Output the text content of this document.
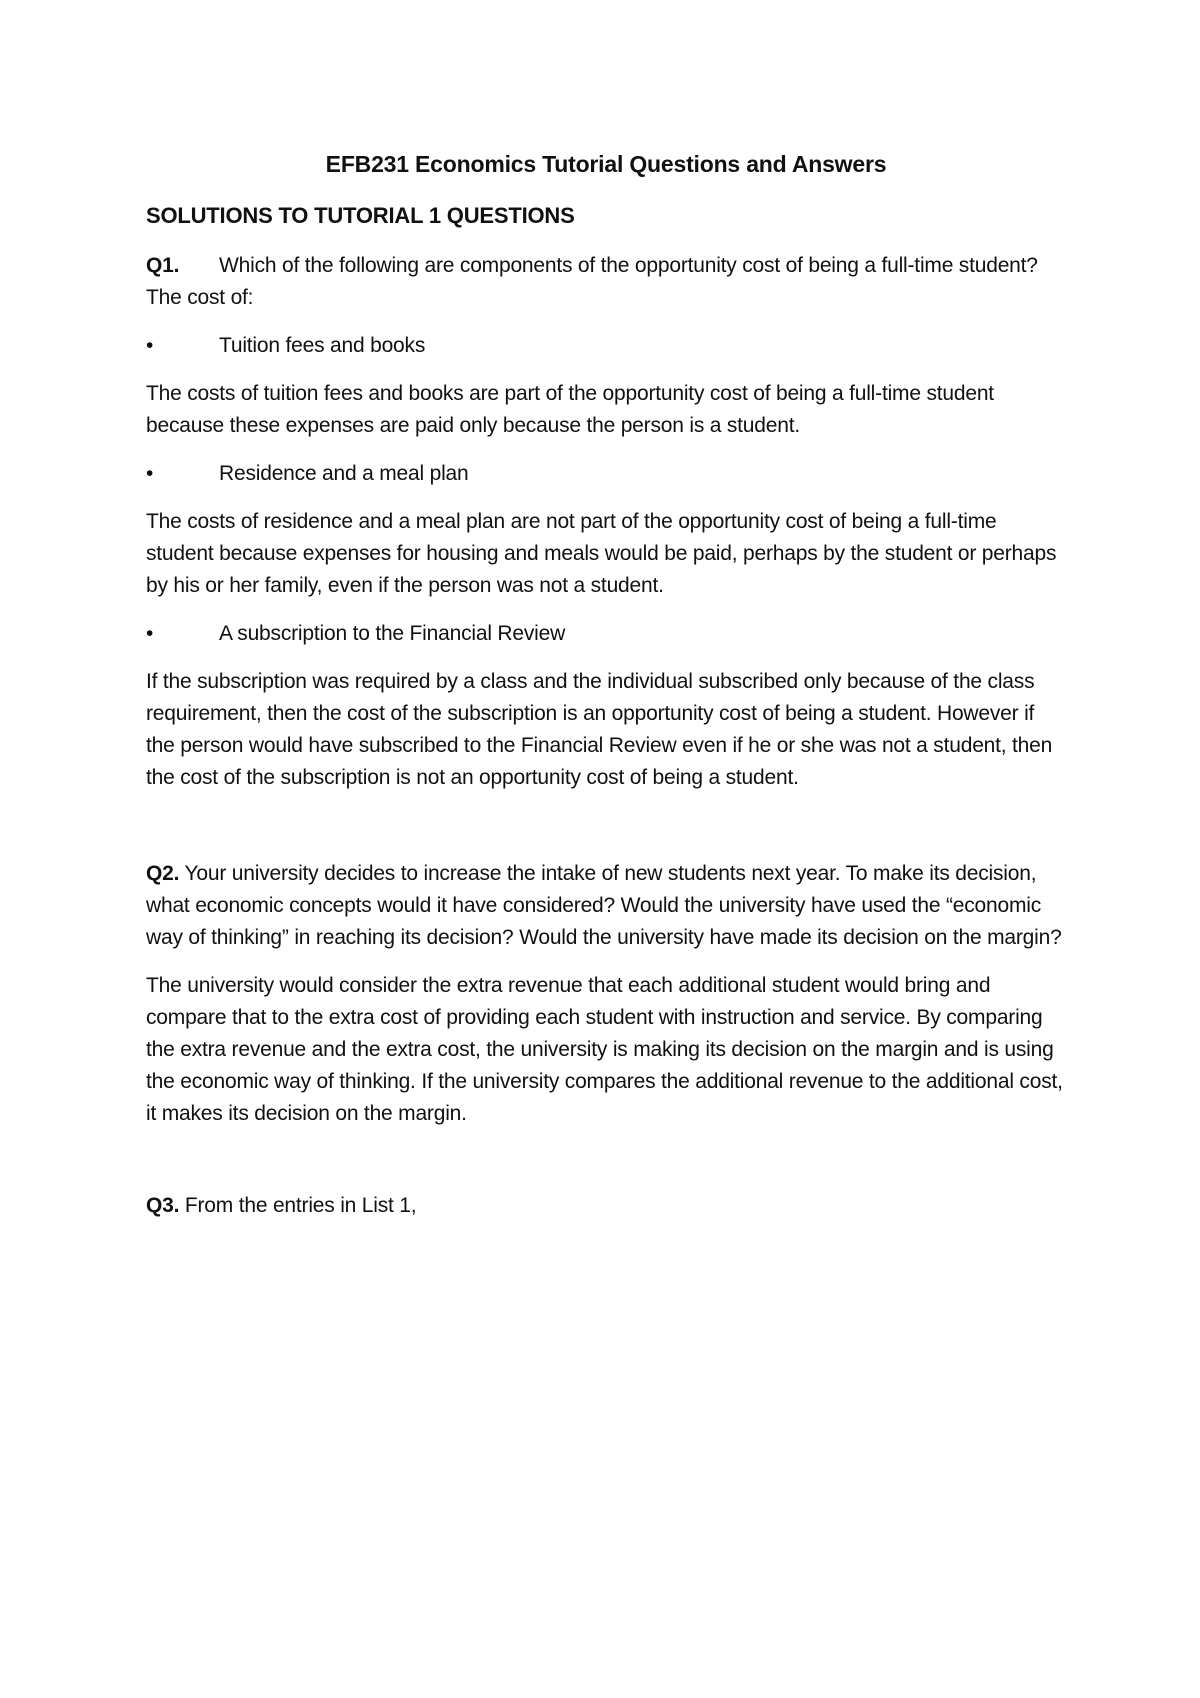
EFB231 Economics Tutorial Questions and Answers
SOLUTIONS TO TUTORIAL 1 QUESTIONS

Q1. Which of the following are components of the opportunity cost of being a full-time student? The cost of:

•	Tuition fees and books

The costs of tuition fees and books are part of the opportunity cost of being a full-time student because these expenses are paid only because the person is a student.

•	Residence and a meal plan

The costs of residence and a meal plan are not part of the opportunity cost of being a full-time student because expenses for housing and meals would be paid, perhaps by the student or perhaps by his or her family, even if the person was not a student.

•	A subscription to the Financial Review

If the subscription was required by a class and the individual subscribed only because of the class requirement, then the cost of the subscription is an opportunity cost of being a student. However if the person would have subscribed to the Financial Review even if he or she was not a student, then the cost of the subscription is not an opportunity cost of being a student.

Q2. Your university decides to increase the intake of new students next year. To make its decision, what economic concepts would it have considered? Would the university have used the “economic way of thinking” in reaching its decision? Would the university have made its decision on the margin?

The university would consider the extra revenue that each additional student would bring and compare that to the extra cost of providing each student with instruction and service. By comparing the extra revenue and the extra cost, the university is making its decision on the margin and is using the economic way of thinking. If the university compares the additional revenue to the additional cost, it makes its decision on the margin.

Q3. From the entries in List 1,
